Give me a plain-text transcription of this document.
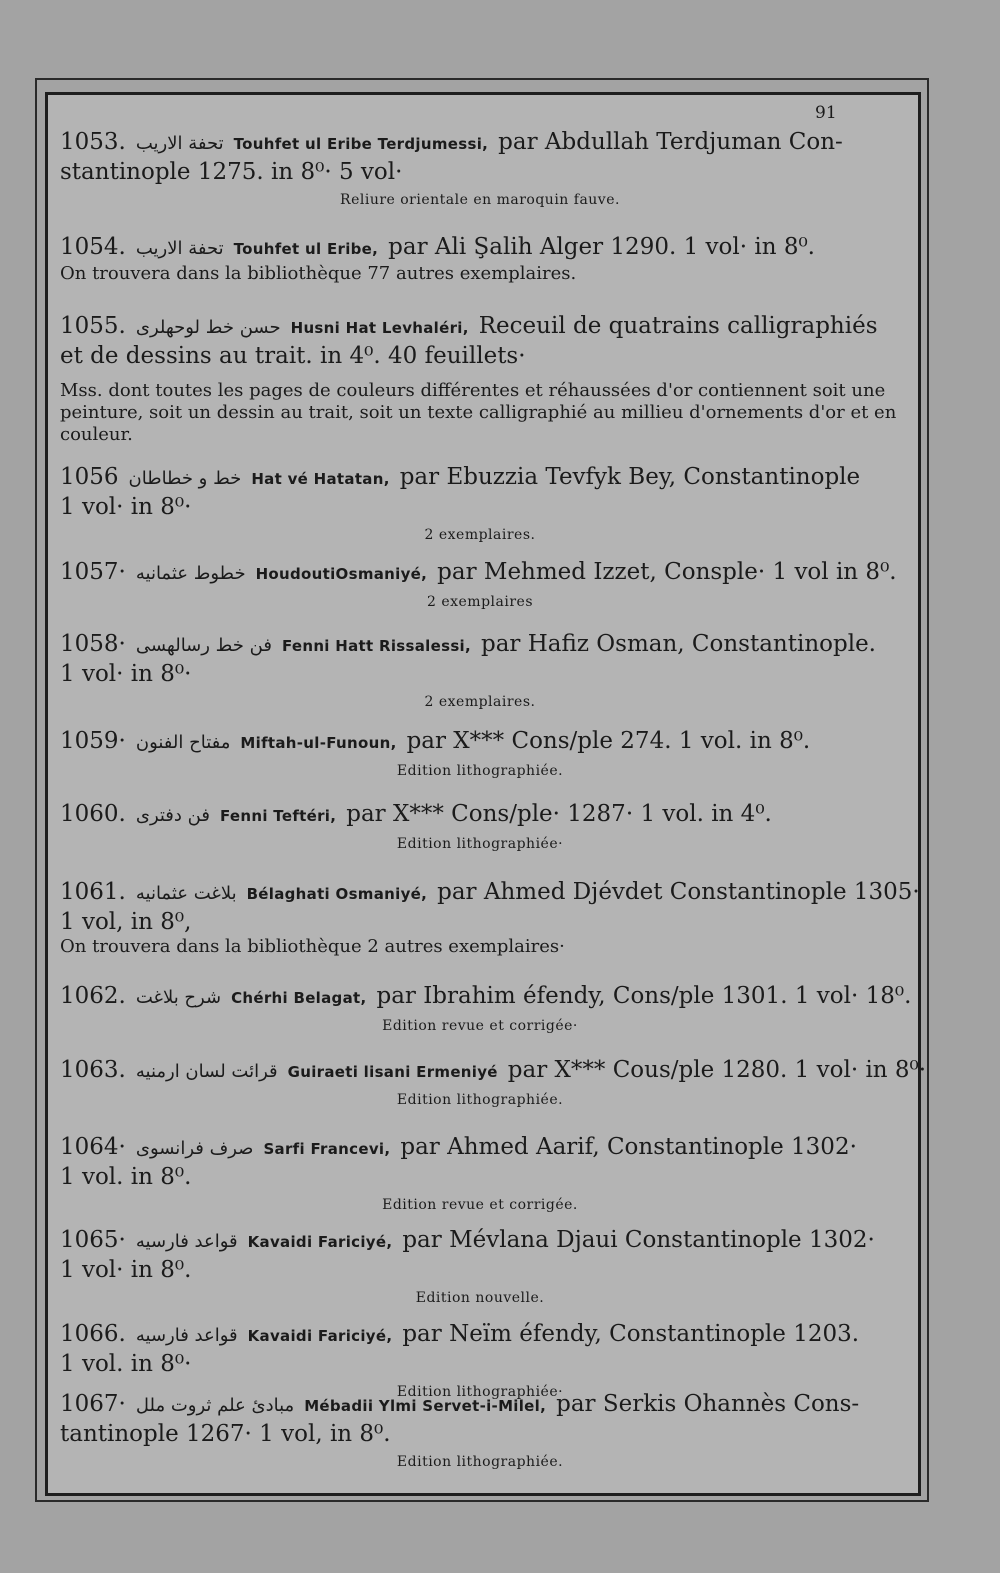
91
1053. تحفة الاريب Touhfet ul Eribe Terdjumessi, par Abdullah Terdjuman Con-
stantinople 1275. in 8⁰· 5 vol·
Reliure orientale en maroquin fauve.
1054. تحفة الاريب Touhfet ul Eribe, par Ali Şalih Alger 1290. 1 vol· in 8⁰.
On trouvera dans la bibliothèque 77 autres exemplaires.
1055. حسن خط لوحهلری Husni Hat Levhaléri, Receuil de quatrains calligraphiés
et de dessins au trait. in 4⁰. 40 feuillets·
Mss. dont toutes les pages de couleurs différentes et réhaussées d'or contiennent soit une peinture, soit un dessin au trait, soit un texte calligraphié au millieu d'ornements d'or et en couleur.
1056 خط و خطاطان Hat vé Hatatan, par Ebuzzia Tevfyk Bey, Constantinople
1 vol· in 8⁰·
2 exemplaires.
1057· خطوط عثمانیه HoudoutiOsmaniyé, par Mehmed Izzet, Consple· 1 vol in 8⁰.
2 exemplaires
1058· فن خط رسالهسی Fenni Hatt Rissalessi, par Hafiz Osman, Constantinople.
1 vol· in 8⁰·
2 exemplaires.
1059· مفتاح الفنون Miftah-ul-Funoun, par X*** Cons/ple 274. 1 vol. in 8⁰.
Edition lithographiée.
1060. فن دفتری Fenni Teftéri, par X*** Cons/ple· 1287· 1 vol. in 4⁰.
Edition lithographiée·
1061. بلاغت عثمانیه Bélaghati Osmaniyé, par Ahmed Djévdet Constantinople 1305·
1 vol, in 8⁰,
On trouvera dans la bibliothèque 2 autres exemplaires·
1062. شرح بلاغت Chérhi Belagat, par Ibrahim éfendy, Cons/ple 1301. 1 vol· 18⁰.
Edition revue et corrigée·
1063. قرائت لسان ارمنیه Guiraeti lisani Ermeniyé par X*** Cous/ple 1280. 1 vol· in 8⁰·
Edition lithographiée.
1064· صرف فرانسوی Sarfi Francevi, par Ahmed Aarif, Constantinople 1302·
1 vol. in 8⁰.
Edition revue et corrigée.
1065· قواعد فارسیه Kavaidi Fariciyé, par Mévlana Djaui Constantinople 1302·
1 vol· in 8⁰.
Edition nouvelle.
1066. قواعد فارسیه Kavaidi Fariciyé, par Neïm éfendy, Constantinople 1203.
1 vol. in 8⁰·
Edition lithographiée·
1067· مبادئ علم ثروت ملل Mébadii Ylmi Servet-i-Milel, par Serkis Ohannès Cons-
tantinople 1267· 1 vol, in 8⁰.
Edition lithographiée.
